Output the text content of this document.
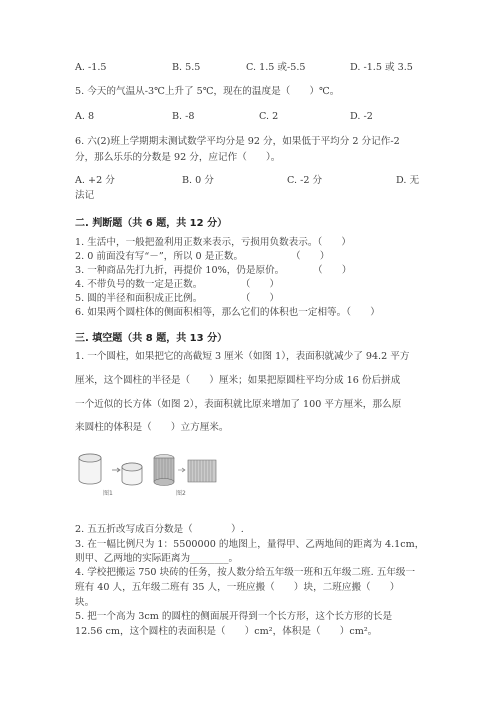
A. -1.5	B. 5.5	C. 1.5 或-5.5	D. -1.5 或 3.5
5. 今天的气温从-3℃上升了 5℃，现在的温度是（　　）℃。
A. 8	B. -8	C. 2	D. -2
6. 六(2)班上学期期末测试数学平均分是 92 分，如果低于平均分 2 分记作-2
分，那么乐乐的分数是 92 分，应记作（　　）。
A. +2 分	B. 0 分	C. -2 分	D. 无
法记
二. 判断题（共 6 题，共 12 分）
1. 生活中，一般把盈利用正数来表示，亏损用负数表示。（　　）
2. 0 前面没有写“－”，所以 0 是正数。　　　　　　（　　）
3. 一种商品先打九折，再提价 10%，仍是原价。　　　　（　　）
4. 不带负号的数一定是正数。　　　　　（　　）
5. 圆的半径和面积成正比例。　　　　　（　　）
6. 如果两个圆柱体的侧面积相等，那么它们的体积也一定相等。（　　）
三. 填空题（共 8 题，共 13 分）
1. 一个圆柱，如果把它的高截短 3 厘米（如图 1），表面积就减少了 94.2 平方
厘米，这个圆柱的半径是（　　）厘米；如果把原圆柱平均分成 16 份后拼成
一个近似的长方体（如图 2），表面积就比原来增加了 100 平方厘米，那么原
来圆柱的体积是（　　）立方厘米。
图1	图2
2. 五五折改写成百分数是（　　　　）.
3. 在一幅比例尺为 1：5500000 的地图上，量得甲、乙两地间的距离为 4.1cm，
则甲、乙两地的实际距离为________。
4. 学校把搬运 750 块砖的任务，按人数分给五年级一班和五年级二班. 五年级一
班有 40 人，五年级二班有 35 人，一班应搬（　　）块，二班应搬（　　）
块。
5. 把一个高为 3cm 的圆柱的侧面展开得到一个长方形，这个长方形的长是
12.56 cm，这个圆柱的表面积是（　　）cm²，体积是（　　）cm²。
